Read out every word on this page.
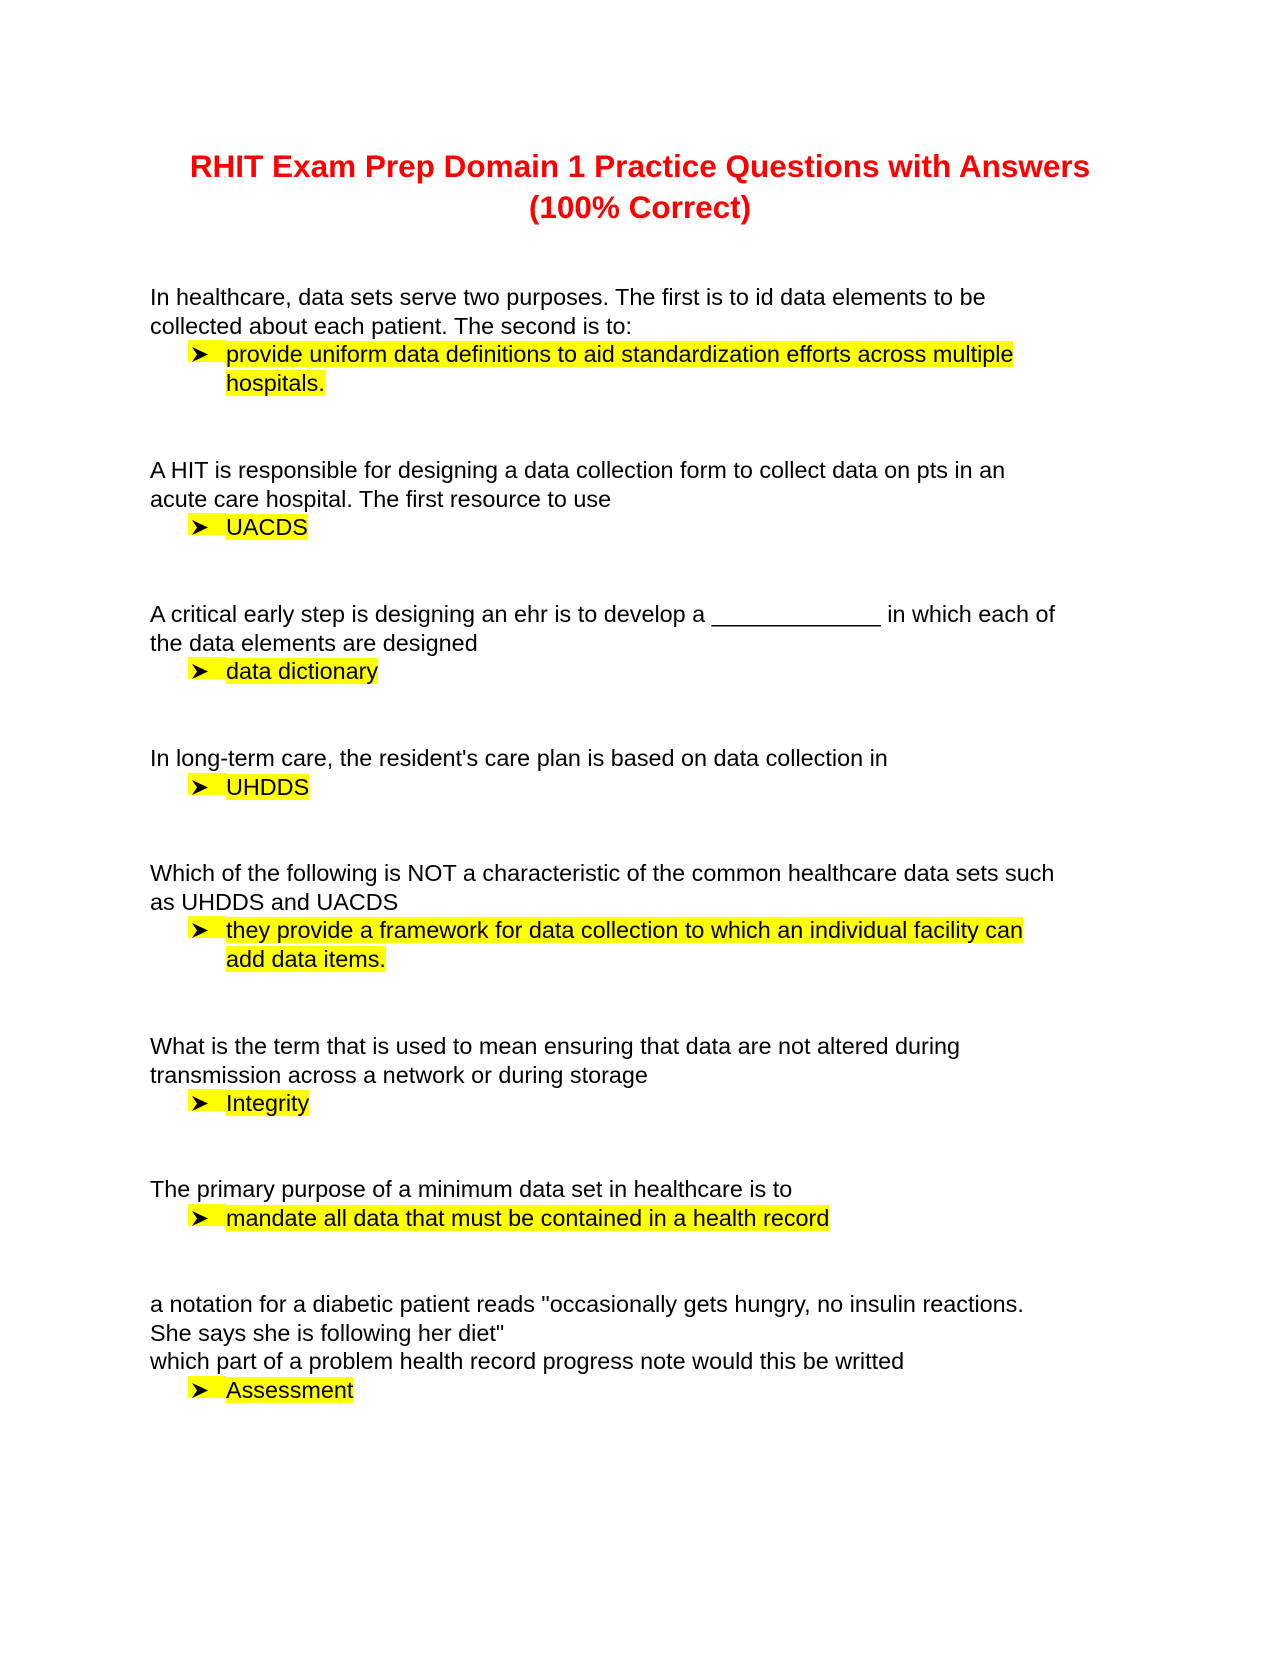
RHIT Exam Prep Domain 1 Practice Questions with Answers
(100% Correct)
In healthcare, data sets serve two purposes. The first is to id data elements to be
collected about each patient. The second is to:
provide uniform data definitions to aid standardization efforts across multiple
hospitals.
A HIT is responsible for designing a data collection form to collect data on pts in an
acute care hospital. The first resource to use
UACDS
A critical early step is designing an ehr is to develop a _____________ in which each of
the data elements are designed
data dictionary
In long-term care, the resident's care plan is based on data collection in
UHDDS
Which of the following is NOT a characteristic of the common healthcare data sets such
as UHDDS and UACDS
they provide a framework for data collection to which an individual facility can
add data items.
What is the term that is used to mean ensuring that data are not altered during
transmission across a network or during storage
Integrity
The primary purpose of a minimum data set in healthcare is to
mandate all data that must be contained in a health record
a notation for a diabetic patient reads "occasionally gets hungry, no insulin reactions.
She says she is following her diet"
which part of a problem health record progress note would this be writted
Assessment
